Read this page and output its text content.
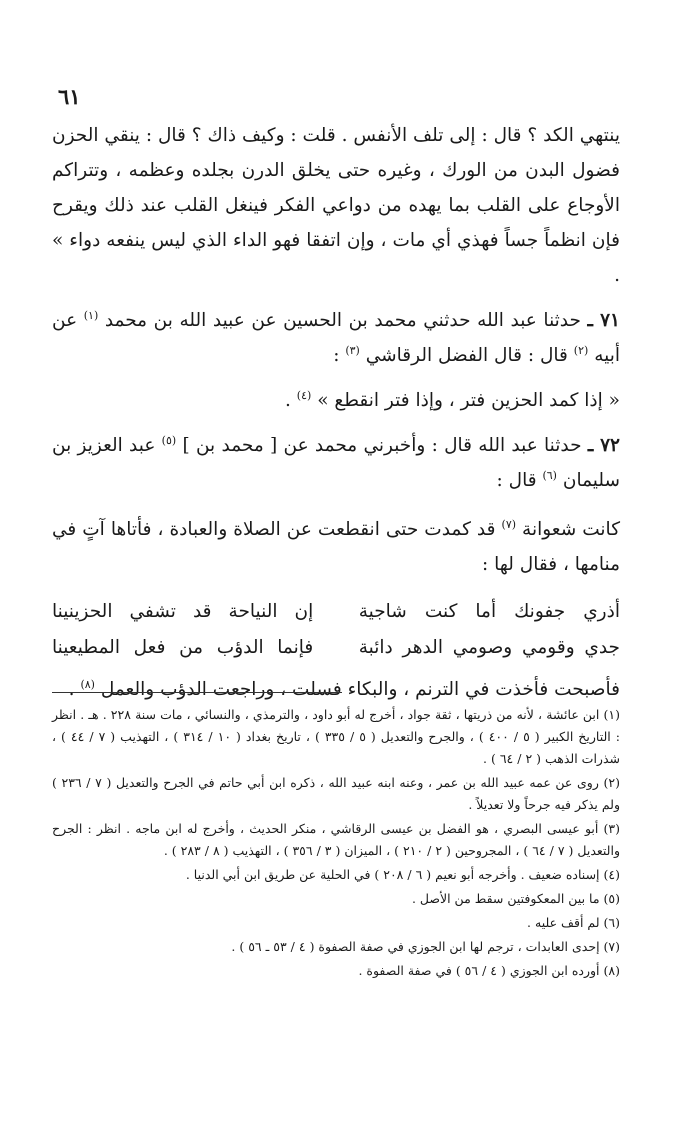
٦١

ينتهي الكد ؟ قال : إلى تلف الأنفس . قلت : وكيف ذاك ؟ قال : ينقي الحزن فضول البدن من الورك ، وغيره حتى يخلق الدرن بجلده وعظمه ، وتتراكم الأوجاع على القلب بما يهده من دواعي الفكر فينغل القلب عند ذلك ويقرح فإن انظماً جساً فهذي أي مات ، وإن اتفقا فهو الداء الذي ليس ينفعه دواء » .

٧١ ـ حدثنا عبد الله حدثني محمد بن الحسين عن عبيد الله بن محمد $^{(١)}$ عن أبيه $^{(٢)}$ قال : قال الفضل الرقاشي $^{(٣)}$ :

« إذا كمد الحزين فتر ، وإذا فتر انقطع » $^{(٤)}$ .

٧٢ ـ حدثنا عبد الله قال : وأخبرني محمد عن [ محمد بن ] $^{(٥)}$ عبد العزيز بن سليمان $^{(٦)}$ قال :

كانت شعوانة $^{(٧)}$ قد كمدت حتى انقطعت عن الصلاة والعبادة ، فأتاها آتٍ في منامها ، فقال لها :

أذري جفونك أما كنت شاجية
إن النياحة قد تشفي الحزينينا
جدي وقومي وصومي الدهر دائبة
فإنما الدؤب من فعل المطيعينا

فأصبحت فأخذت في الترنم ، والبكاء فسلت ، وراجعت الدؤب والعمل $^{(٨)}$ .

(١) ابن عائشة ، لأنه من ذريتها ، ثقة جواد ، أخرج له أبو داود ، والترمذي ، والنسائي ، مات سنة ٢٢٨ . هـ . انظر : التاريخ الكبير ( ٥ / ٤٠٠ ) ، والجرح والتعديل ( ٥ / ٣٣٥ ) ، تاريخ بغداد ( ١٠ / ٣١٤ ) ، التهذيب ( ٧ / ٤٤ ) ، شذرات الذهب ( ٢ / ٦٤ ) .

(٢) روى عن عمه عبيد الله بن عمر ، وعنه ابنه عبيد الله ، ذكره ابن أبي حاتم في الجرح والتعديل ( ٧ / ٢٣٦ ) ولم يذكر فيه جرحاً ولا تعديلاً .

(٣) أبو عيسى البصري ، هو الفضل بن عيسى الرقاشي ، منكر الحديث ، وأخرج له ابن ماجه . انظر : الجرح والتعديل ( ٧ / ٦٤ ) ، المجروحين ( ٢ / ٢١٠ ) ، الميزان ( ٣ / ٣٥٦ ) ، التهذيب ( ٨ / ٢٨٣ ) .

(٤) إسناده ضعيف . وأخرجه أبو نعيم ( ٦ / ٢٠٨ ) في الحلية عن طريق ابن أبي الدنيا .

(٥) ما بين المعكوفتين سقط من الأصل .

(٦) لم أقف عليه .

(٧) إحدى العابدات ، ترجم لها ابن الجوزي في صفة الصفوة ( ٤ / ٥٣ ـ ٥٦ ) .

(٨) أورده ابن الجوزي ( ٤ / ٥٦ ) في صفة الصفوة .
